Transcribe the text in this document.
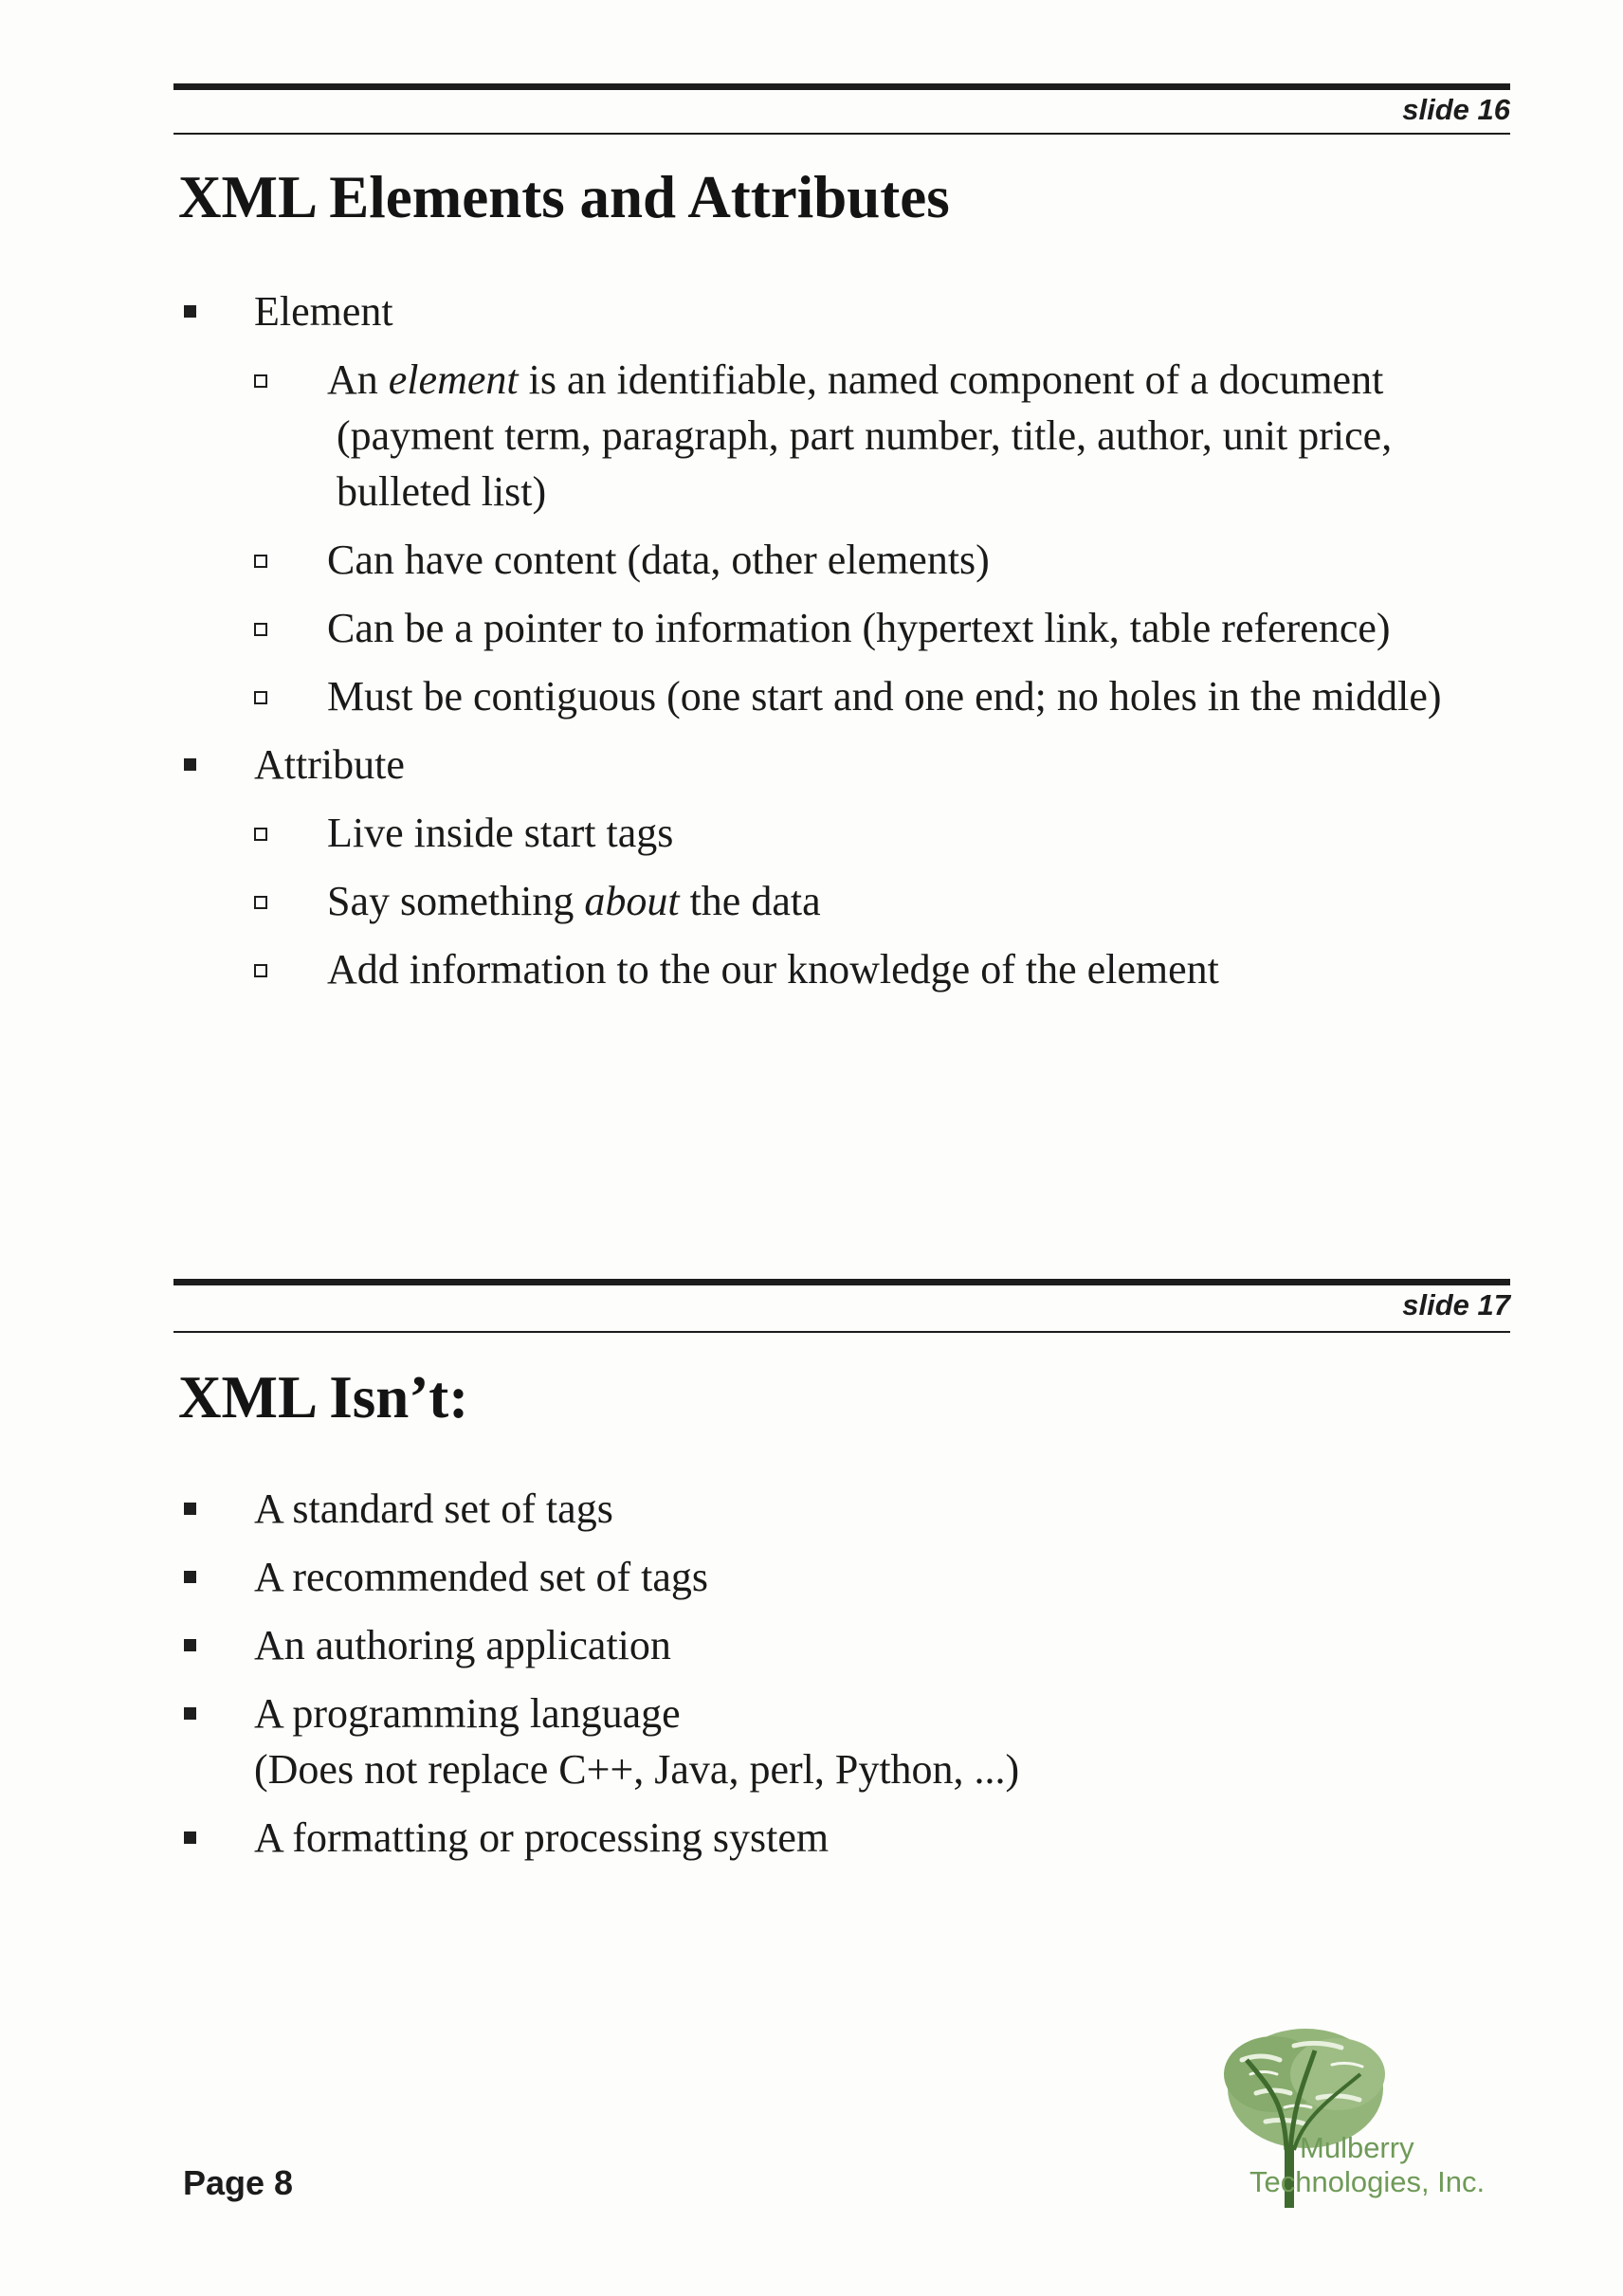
slide 16
XML Elements and Attributes
Element
An element is an identifiable, named component of a document
(payment term, paragraph, part number, title, author, unit price, bulleted list)
Can have content (data, other elements)
Can be a pointer to information (hypertext link, table reference)
Must be contiguous (one start and one end; no holes in the middle)
Attribute
Live inside start tags
Say something about the data
Add information to the our knowledge of the element
slide 17
XML Isn’t:
A standard set of tags
A recommended set of tags
An authoring application
A programming language
(Does not replace C++, Java, perl, Python, ...)
A formatting or processing system
Page 8
Mulberry
Technologies, Inc.
